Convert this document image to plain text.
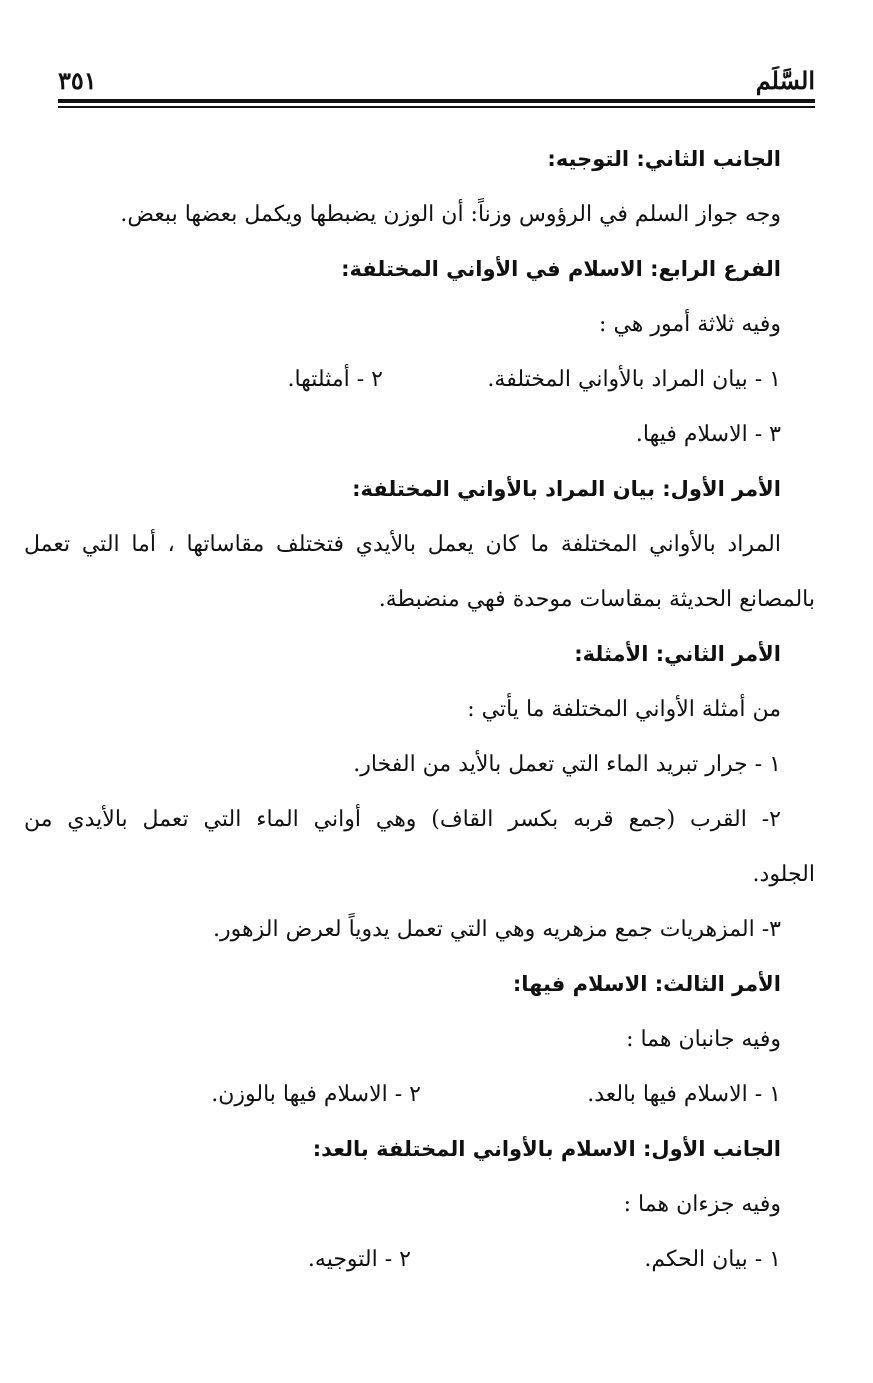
السَّلَم
٣٥١
الجانب الثاني: التوجيه:
وجه جواز السلم في الرؤوس وزناً: أن الوزن يضبطها ويكمل بعضها ببعض.
الفرع الرابع: الاسلام في الأواني المختلفة:
وفيه ثلاثة أمور هي :
١ - بيان المراد بالأواني المختلفة.
٢ - أمثلتها.
٣ - الاسلام فيها.
الأمر الأول: بيان المراد بالأواني المختلفة:
المراد بالأواني المختلفة ما كان يعمل بالأيدي فتختلف مقاساتها ، أما التي تعمل
بالمصانع الحديثة بمقاسات موحدة فهي منضبطة.
الأمر الثاني: الأمثلة:
من أمثلة الأواني المختلفة ما يأتي :
١ - جرار تبريد الماء التي تعمل بالأيد من الفخار.
٢- القرب (جمع قربه بكسر القاف) وهي أواني الماء التي تعمل بالأيدي من
الجلود.
٣- المزهريات جمع مزهريه وهي التي تعمل يدوياً لعرض الزهور.
الأمر الثالث: الاسلام فيها:
وفيه جانبان هما :
١ - الاسلام فيها بالعد.
٢ - الاسلام فيها بالوزن.
الجانب الأول: الاسلام بالأواني المختلفة بالعد:
وفيه جزءان هما :
١ - بيان الحكم.
٢ - التوجيه.
